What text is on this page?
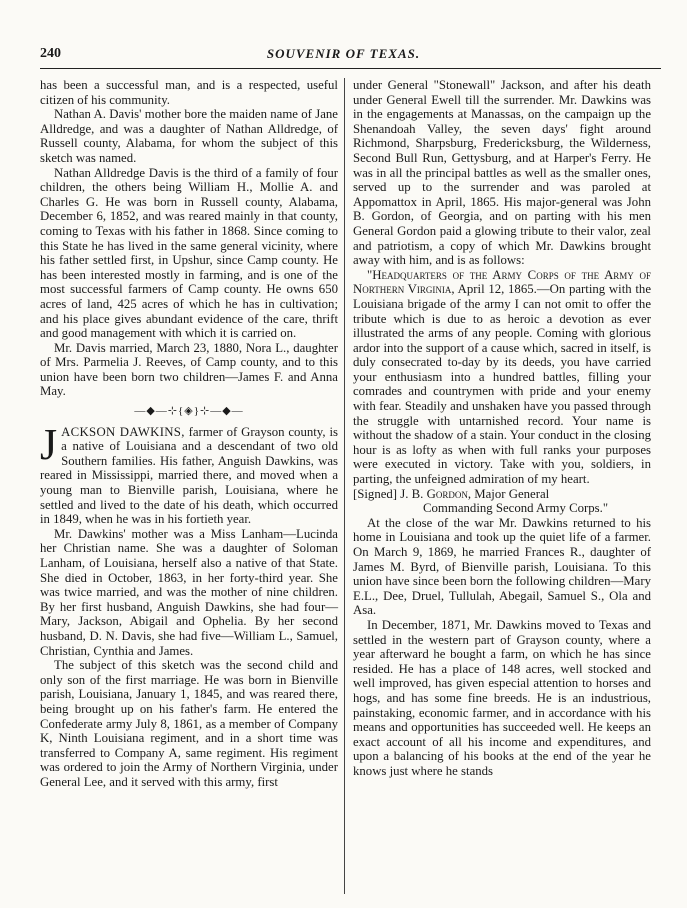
240	SOUVENIR OF TEXAS.

has been a successful man, and is a respected, useful citizen of his community.

Nathan A. Davis' mother bore the maiden name of Jane Alldredge, and was a daughter of Nathan Alldredge, of Russell county, Alabama, for whom the subject of this sketch was named.

Nathan Alldredge Davis is the third of a family of four children, the others being William H., Mollie A. and Charles G. He was born in Russell county, Alabama, December 6, 1852, and was reared mainly in that county, coming to Texas with his father in 1868. Since coming to this State he has lived in the same general vicinity, where his father settled first, in Upshur, since Camp county. He has been interested mostly in farming, and is one of the most successful farmers of Camp county. He owns 650 acres of land, 425 acres of which he has in cultivation; and his place gives abundant evidence of the care, thrift and good management with which it is carried on.

Mr. Davis married, March 23, 1880, Nora L., daughter of Mrs. Parmelia J. Reeves, of Camp county, and to this union have been born two children—James F. and Anna May.

—◆—⊹{◈}⊹—◆—

JACKSON DAWKINS, farmer of Grayson county, is a native of Louisiana and a descendant of two old Southern families. His father, Anguish Dawkins, was reared in Mississippi, married there, and moved when a young man to Bienville parish, Louisiana, where he settled and lived to the date of his death, which occurred in 1849, when he was in his fortieth year.

Mr. Dawkins' mother was a Miss Lanham—Lucinda her Christian name. She was a daughter of Soloman Lanham, of Louisiana, herself also a native of that State. She died in October, 1863, in her forty-third year. She was twice married, and was the mother of nine children. By her first husband, Anguish Dawkins, she had four—Mary, Jackson, Abigail and Ophelia. By her second husband, D. N. Davis, she had five—William L., Samuel, Christian, Cynthia and James.

The subject of this sketch was the second child and only son of the first marriage. He was born in Bienville parish, Louisiana, January 1, 1845, and was reared there, being brought up on his father's farm. He entered the Confederate army July 8, 1861, as a member of Company K, Ninth Louisiana regiment, and in a short time was transferred to Company A, same regiment. His regiment was ordered to join the Army of Northern Virginia, under General Lee, and it served with this army, first

under General "Stonewall" Jackson, and after his death under General Ewell till the surrender. Mr. Dawkins was in the engagements at Manassas, on the campaign up the Shenandoah Valley, the seven days' fight around Richmond, Sharpsburg, Fredericksburg, the Wilderness, Second Bull Run, Gettysburg, and at Harper's Ferry. He was in all the principal battles as well as the smaller ones, served up to the surrender and was paroled at Appomattox in April, 1865. His major-general was John B. Gordon, of Georgia, and on parting with his men General Gordon paid a glowing tribute to their valor, zeal and patriotism, a copy of which Mr. Dawkins brought away with him, and is as follows:

"Headquarters of the Army Corps of the Army of Northern Virginia, April 12, 1865.—On parting with the Louisiana brigade of the army I can not omit to offer the tribute which is due to as heroic a devotion as ever illustrated the arms of any people. Coming with glorious ardor into the support of a cause which, sacred in itself, is duly consecrated to-day by its deeds, you have carried your enthusiasm into a hundred battles, filling your comrades and countrymen with pride and your enemy with fear. Steadily and unshaken have you passed through the struggle with untarnished record. Your name is without the shadow of a stain. Your conduct in the closing hour is as lofty as when with full ranks your purposes were executed in victory. Take with you, soldiers, in parting, the unfeigned admiration of my heart.

[Signed] J. B. Gordon, Major General

Commanding Second Army Corps."

At the close of the war Mr. Dawkins returned to his home in Louisiana and took up the quiet life of a farmer. On March 9, 1869, he married Frances R., daughter of James M. Byrd, of Bienville parish, Louisiana. To this union have since been born the following children—Mary E.L., Dee, Druel, Tullulah, Abegail, Samuel S., Ola and Asa.

In December, 1871, Mr. Dawkins moved to Texas and settled in the western part of Grayson county, where a year afterward he bought a farm, on which he has since resided. He has a place of 148 acres, well stocked and well improved, has given especial attention to horses and hogs, and has some fine breeds. He is an industrious, painstaking, economic farmer, and in accordance with his means and opportunities has succeeded well. He keeps an exact account of all his income and expenditures, and upon a balancing of his books at the end of the year he knows just where he stands
